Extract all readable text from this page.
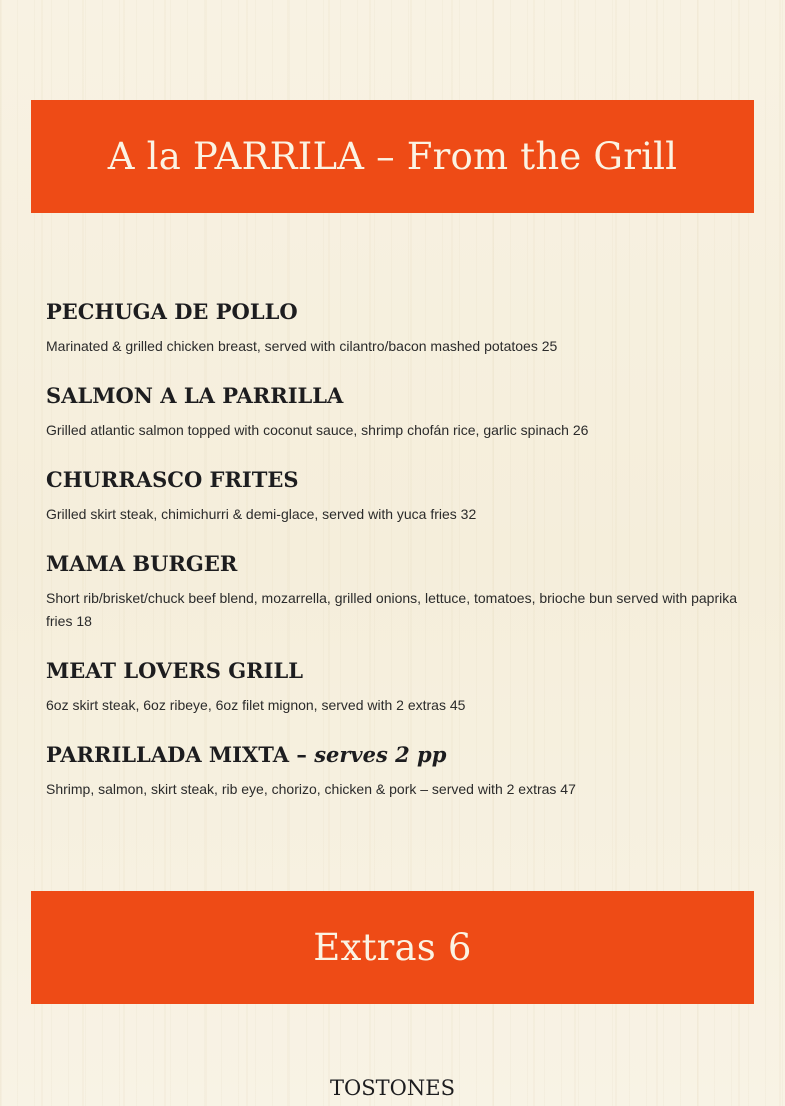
A la PARRILA – From the Grill
PECHUGA DE POLLO

Marinated & grilled chicken breast, served with cilantro/bacon mashed potatoes 25

SALMON A LA PARRILLA

Grilled atlantic salmon topped with coconut sauce, shrimp chofán rice, garlic spinach 26

CHURRASCO FRITES

Grilled skirt steak, chimichurri & demi-glace, served with yuca fries 32

MAMA BURGER

Short rib/brisket/chuck beef blend, mozarrella, grilled onions, lettuce, tomatoes, brioche bun served with paprika fries 18

MEAT LOVERS GRILL

6oz skirt steak, 6oz ribeye, 6oz filet mignon, served with 2 extras 45

PARRILLADA MIXTA – serves 2 pp

Shrimp, salmon, skirt steak, rib eye, chorizo, chicken & pork – served with 2 extras 47

Extras 6
TOSTONES
